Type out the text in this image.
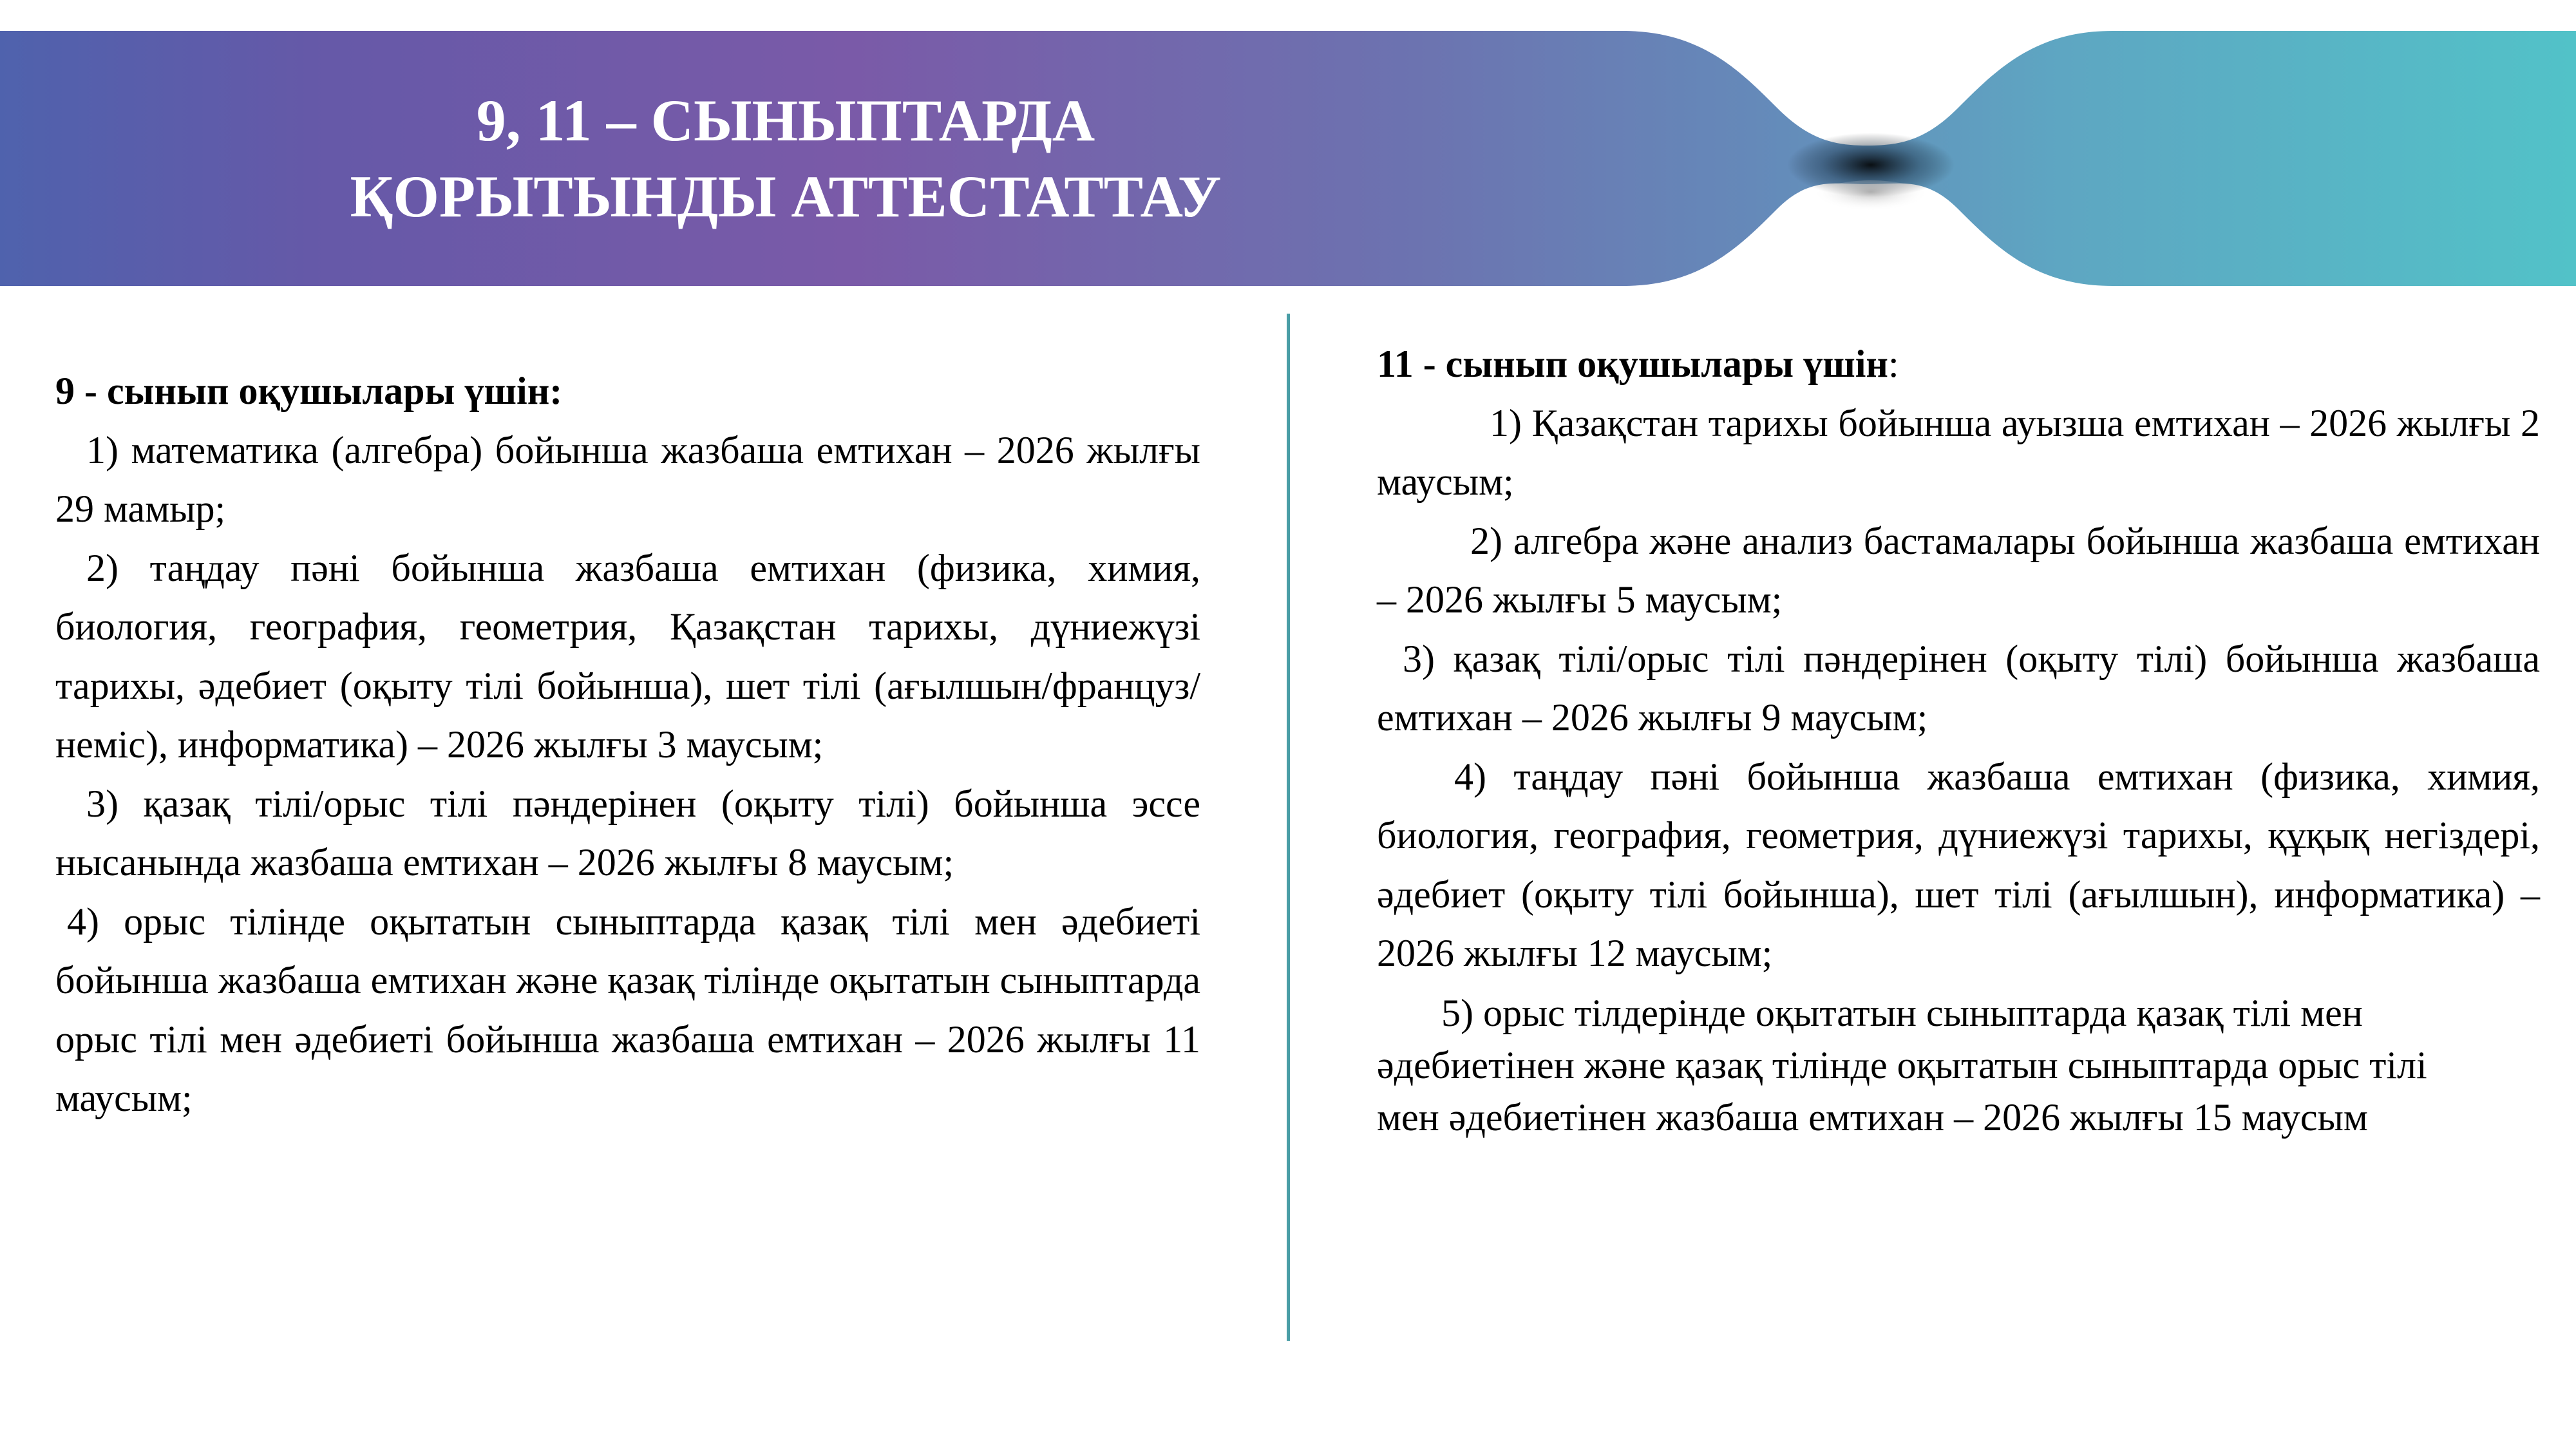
9, 11 – СЫНЫПТАРДА
ҚОРЫТЫНДЫ АТТЕСТАТТАУ

9 - сынып оқушылары үшін:

1) математика (алгебра) бойынша жазбаша емтихан – 2026 жылғы 29 мамыр;

2) таңдау пәні бойынша жазбаша емтихан (физика, химия, биология, география, геометрия, Қазақстан тарихы, дүниежүзі тарихы, әдебиет (оқыту тілі бойынша), шет тілі (ағылшын/француз/неміс), информатика) – 2026 жылғы 3 маусым;

3) қазақ тілі/орыс тілі пәндерінен (оқыту тілі) бойынша эссе нысанында жазбаша емтихан – 2026 жылғы 8 маусым;

4) орыс тілінде оқытатын сыныптарда қазақ тілі мен әдебиеті бойынша жазбаша емтихан және қазақ тілінде оқытатын сыныптарда орыс тілі мен әдебиеті бойынша жазбаша емтихан – 2026 жылғы 11 маусым;

11 - сынып оқушылары үшін:

1) Қазақстан тарихы бойынша ауызша емтихан – 2026 жылғы 2 маусым;

2) алгебра және анализ бастамалары бойынша жазбаша емтихан – 2026 жылғы 5 маусым;

3) қазақ тілі/орыс тілі пәндерінен (оқыту тілі) бойынша жазбаша емтихан – 2026 жылғы 9 маусым;

4) таңдау пәні бойынша жазбаша емтихан (физика, химия, биология, география, геометрия, дүниежүзі тарихы, құқық негіздері, әдебиет (оқыту тілі бойынша), шет тілі (ағылшын), информатика) – 2026 жылғы 12 маусым;

5) орыс тілдерінде оқытатын сыныптарда қазақ тілі мен әдебиетінен және қазақ тілінде оқытатын сыныптарда орыс тілі мен әдебиетінен жазбаша емтихан – 2026 жылғы 15 маусым
